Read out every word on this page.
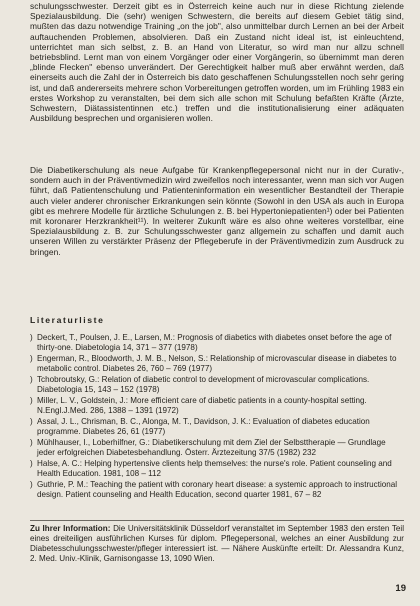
schulungsschwester. Derzeit gibt es in Österreich keine auch nur in diese Richtung zielende Spezialausbildung. Die (sehr) wenigen Schwestern, die bereits auf diesem Gebiet tätig sind, mußten das dazu notwendige Training „on the job", also unmittelbar durch Lernen an bei der Arbeit auftauchenden Problemen, absolvieren. Daß ein Zustand nicht ideal ist, ist einleuchtend, unterrichtet man sich selbst, z. B. an Hand von Literatur, so wird man nur allzu schnell betriebsblind. Lernt man von einem Vorgänger oder einer Vorgängerin, so übernimmt man deren „blinde Flecken" ebenso unverändert. Der Gerechtigkeit halber muß aber erwähnt werden, daß einerseits auch die Zahl der in Österreich bis dato geschaffenen Schulungsstellen noch sehr gering ist, und daß andererseits mehrere schon Vorbereitungen getroffen worden, um im Frühling 1983 ein erstes Workshop zu veranstalten, bei dem sich alle schon mit Schulung befaßten Kräfte (Ärzte, Schwestern, Diätassistentinnen etc.) treffen und die institutionalisierung einer adäquaten Ausbildung besprechen und organisieren wollen.

Die Diabetikerschulung als neue Aufgabe für Krankenpflegepersonal nicht nur in der Curativ-, sondern auch in der Präventivmedizin wird zweifellos noch interessanter, wenn man sich vor Augen führt, daß Patientenschulung und Patienteninformation ein wesentlicher Bestandteil der Therapie auch vieler anderer chronischer Erkrankungen sein könnte (Sowohl in den USA als auch in Europa gibt es mehrere Modelle für ärztliche Schulungen z. B. bei Hypertoniepatienten¹) oder bei Patienten mit koronarer Herzkrankheit¹¹). In weiterer Zukunft wäre es also ohne weiteres vorstellbar, eine Spezialausbildung z. B. zur Schulungsschwester ganz allgemein zu schaffen und damit auch unseren Willen zu verstärkter Präsenz der Pflegeberufe in der Präventivmedizin zum Ausdruck zu bringen.

Literaturliste
) Deckert, T., Poulsen, J. E., Larsen, M.: Prognosis of diabetics with diabetes onset before the age of thirty-one. Diabetologia 14, 371 – 377 (1978)
) Engerman, R., Bloodworth, J. M. B., Nelson, S.: Relationship of microvascular disease in diabetes to metabolic control. Diabetes 26, 760 – 769 (1977)
) Tchobroutsky, G.: Relation of diabetic control to development of microvascular complications. Diabetologia 15, 143 – 152 (1978)
) Miller, L. V., Goldstein, J.: More efficient care of diabetic patients in a county-hospital setting. N.Engl.J.Med. 286, 1388 – 1391 (1972)
) Assal, J. L., Chrisman, B. C., Alonga, M. T., Davidson, J. K.: Evaluation of diabetes education programme. Diabetes 26, 61 (1977)
) Mühlhauser, I., Loberhilfner, G.: Diabetikerschulung mit dem Ziel der Selbsttherapie — Grundlage jeder erfolgreichen Diabetesbehandlung. Österr. Ärztezeitung 37/5 (1982) 232
) Halse, A. C.: Helping hypertensive clients help themselves: the nurse's role. Patient counseling and Health Education. 1981, 108 – 112
) Guthrie, P. M.: Teaching the patient with coronary heart disease: a systemic approach to instructional design. Patient counseling and Health Education, second quarter 1981, 67 – 82
Zu Ihrer Information: Die Universitätsklinik Düsseldorf veranstaltet im September 1983 den ersten Teil eines dreiteiligen ausführlichen Kurses für diplom. Pflegepersonal, welches an einer Ausbildung zur Diabetesschulungsschwester/pfleger interessiert ist. — Nähere Auskünfte erteilt: Dr. Alessandra Kunz, 2. Med. Univ.-Klinik, Garnisongasse 13, 1090 Wien.
19
